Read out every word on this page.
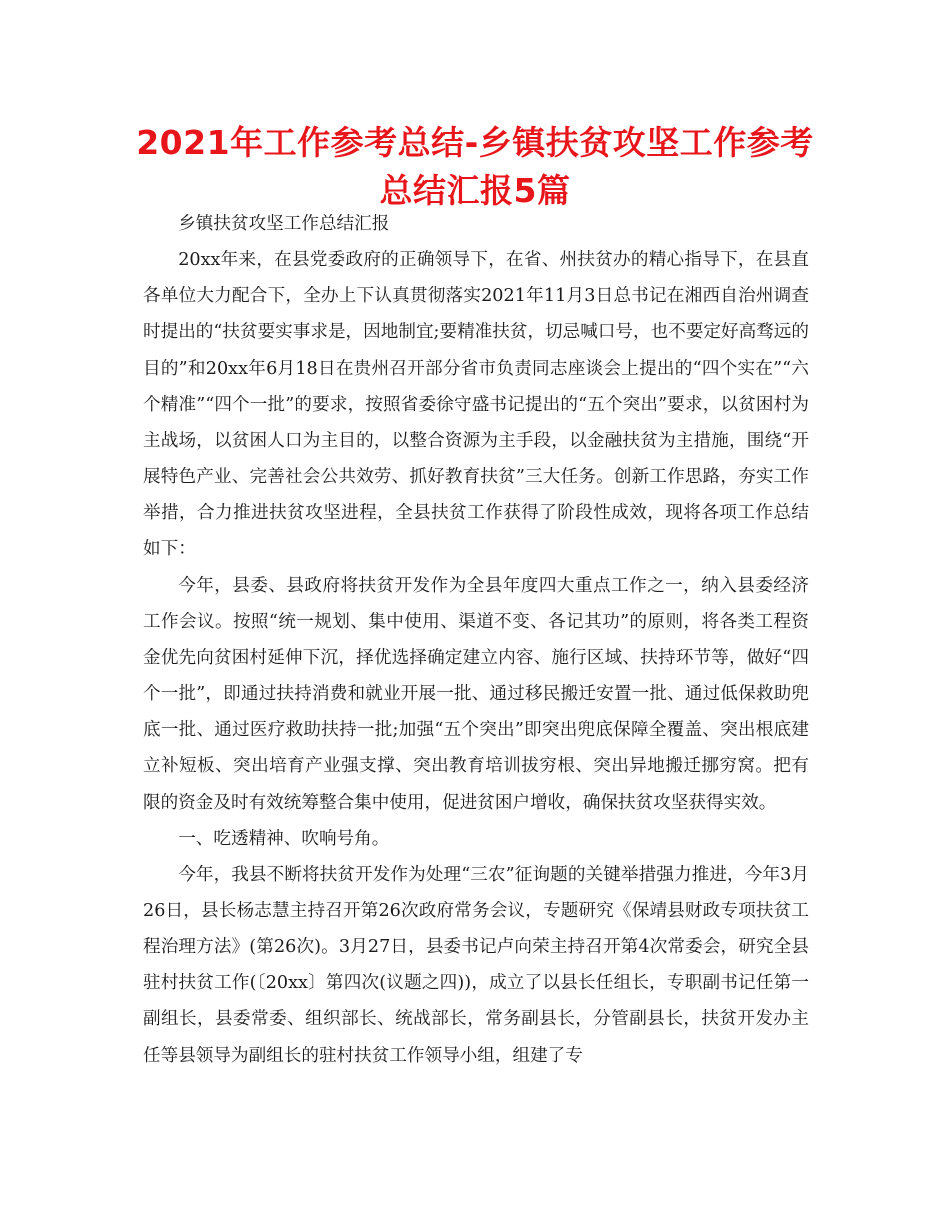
2021年工作参考总结-乡镇扶贫攻坚工作参考总结汇报5篇

乡镇扶贫攻坚工作总结汇报

20xx年来，在县党委政府的正确领导下，在省、州扶贫办的精心指导下，在县直各单位大力配合下，全办上下认真贯彻落实2021年11月3日总书记在湘西自治州调查时提出的“扶贫要实事求是，因地制宜;要精准扶贫，切忌喊口号，也不要定好高骛远的目的”和20xx年6月18日在贵州召开部分省市负责同志座谈会上提出的“四个实在”“六个精准”“四个一批”的要求，按照省委徐守盛书记提出的“五个突出”要求，以贫困村为主战场，以贫困人口为主目的，以整合资源为主手段，以金融扶贫为主措施，围绕“开展特色产业、完善社会公共效劳、抓好教育扶贫”三大任务。创新工作思路，夯实工作举措，合力推进扶贫攻坚进程，全县扶贫工作获得了阶段性成效，现将各项工作总结如下：

今年，县委、县政府将扶贫开发作为全县年度四大重点工作之一，纳入县委经济工作会议。按照“统一规划、集中使用、渠道不变、各记其功”的原则，将各类工程资金优先向贫困村延伸下沉，择优选择确定建立内容、施行区域、扶持环节等，做好“四个一批”，即通过扶持消费和就业开展一批、通过移民搬迁安置一批、通过低保救助兜底一批、通过医疗救助扶持一批;加强“五个突出”即突出兜底保障全覆盖、突出根底建立补短板、突出培育产业强支撑、突出教育培训拔穷根、突出异地搬迁挪穷窝。把有限的资金及时有效统筹整合集中使用，促进贫困户增收，确保扶贫攻坚获得实效。

一、吃透精神、吹响号角。

今年，我县不断将扶贫开发作为处理“三农”征询题的关键举措强力推进，今年3月26日，县长杨志慧主持召开第26次政府常务会议，专题研究《保靖县财政专项扶贫工程治理方法》(第26次)。3月27日，县委书记卢向荣主持召开第4次常委会，研究全县驻村扶贫工作(〔20xx〕第四次(议题之四))，成立了以县长任组长，专职副书记任第一副组长，县委常委、组织部长、统战部长，常务副县长，分管副县长，扶贫开发办主任等县领导为副组长的驻村扶贫工作领导小组，组建了专
